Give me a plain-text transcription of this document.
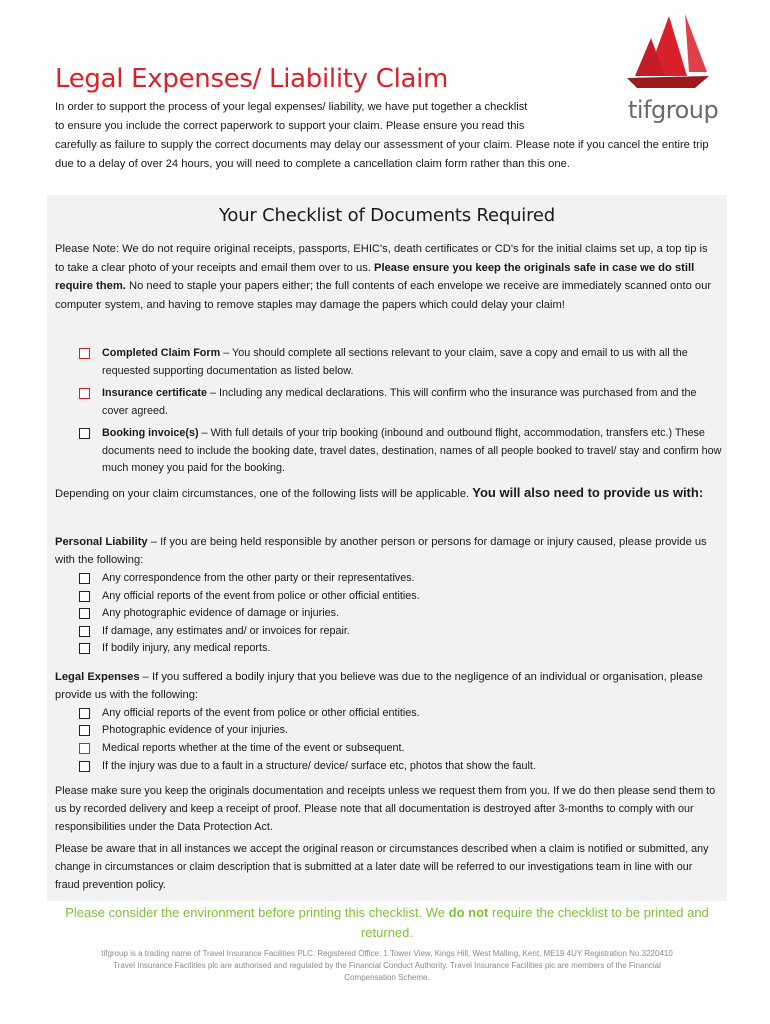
tifgroup
Legal Expenses/ Liability Claim
In order to support the process of your legal expenses/ liability, we have put together a checklist
to ensure you include the correct paperwork to support your claim. Please ensure you read this
carefully as failure to supply the correct documents may delay our assessment of your claim. Please note if you cancel the entire trip due to a delay of over 24 hours, you will need to complete a cancellation claim form rather than this one.
Your Checklist of Documents Required
Please Note: We do not require original receipts, passports, EHIC's, death certificates or CD's for the initial claims set up, a top tip is to take a clear photo of your receipts and email them over to us. Please ensure you keep the originals safe in case we do still require them. No need to staple your papers either; the full contents of each envelope we receive are immediately scanned onto our computer system, and having to remove staples may damage the papers which could delay your claim!
Completed Claim Form – You should complete all sections relevant to your claim, save a copy and email to us with all the requested supporting documentation as listed below.
Insurance certificate – Including any medical declarations. This will confirm who the insurance was purchased from and the cover agreed.
Booking invoice(s) – With full details of your trip booking (inbound and outbound flight, accommodation, transfers etc.) These documents need to include the booking date, travel dates, destination, names of all people booked to travel/ stay and confirm how much money you paid for the booking.
Depending on your claim circumstances, one of the following lists will be applicable. You will also need to provide us with:
Personal Liability – If you are being held responsible by another person or persons for damage or injury caused, please provide us with the following:
Any correspondence from the other party or their representatives.
Any official reports of the event from police or other official entities.
Any photographic evidence of damage or injuries.
If damage, any estimates and/ or invoices for repair.
If bodily injury, any medical reports.
Legal Expenses – If you suffered a bodily injury that you believe was due to the negligence of an individual or organisation, please provide us with the following:
Any official reports of the event from police or other official entities.
Photographic evidence of your injuries.
Medical reports whether at the time of the event or subsequent.
If the injury was due to a fault in a structure/ device/ surface etc, photos that show the fault.
Please make sure you keep the originals documentation and receipts unless we request them from you. If we do then please send them to us by recorded delivery and keep a receipt of proof. Please note that all documentation is destroyed after 3-months to comply with our responsibilities under the Data Protection Act.
Please be aware that in all instances we accept the original reason or circumstances described when a claim is notified or submitted, any change in circumstances or claim description that is submitted at a later date will be referred to our investigations team in line with our fraud prevention policy.
Please consider the environment before printing this checklist. We do not require the checklist to be printed and returned.
tifgroup is a trading name of Travel Insurance Facilities PLC. Registered Office: 1 Tower View, Kings Hill, West Malling, Kent, ME19 4UY Registration No.3220410
Travel Insurance Facilities plc are authorised and regulated by the Financial Conduct Authority. Travel Insurance Facilities plc are members of the Financial
Compensation Scheme.
